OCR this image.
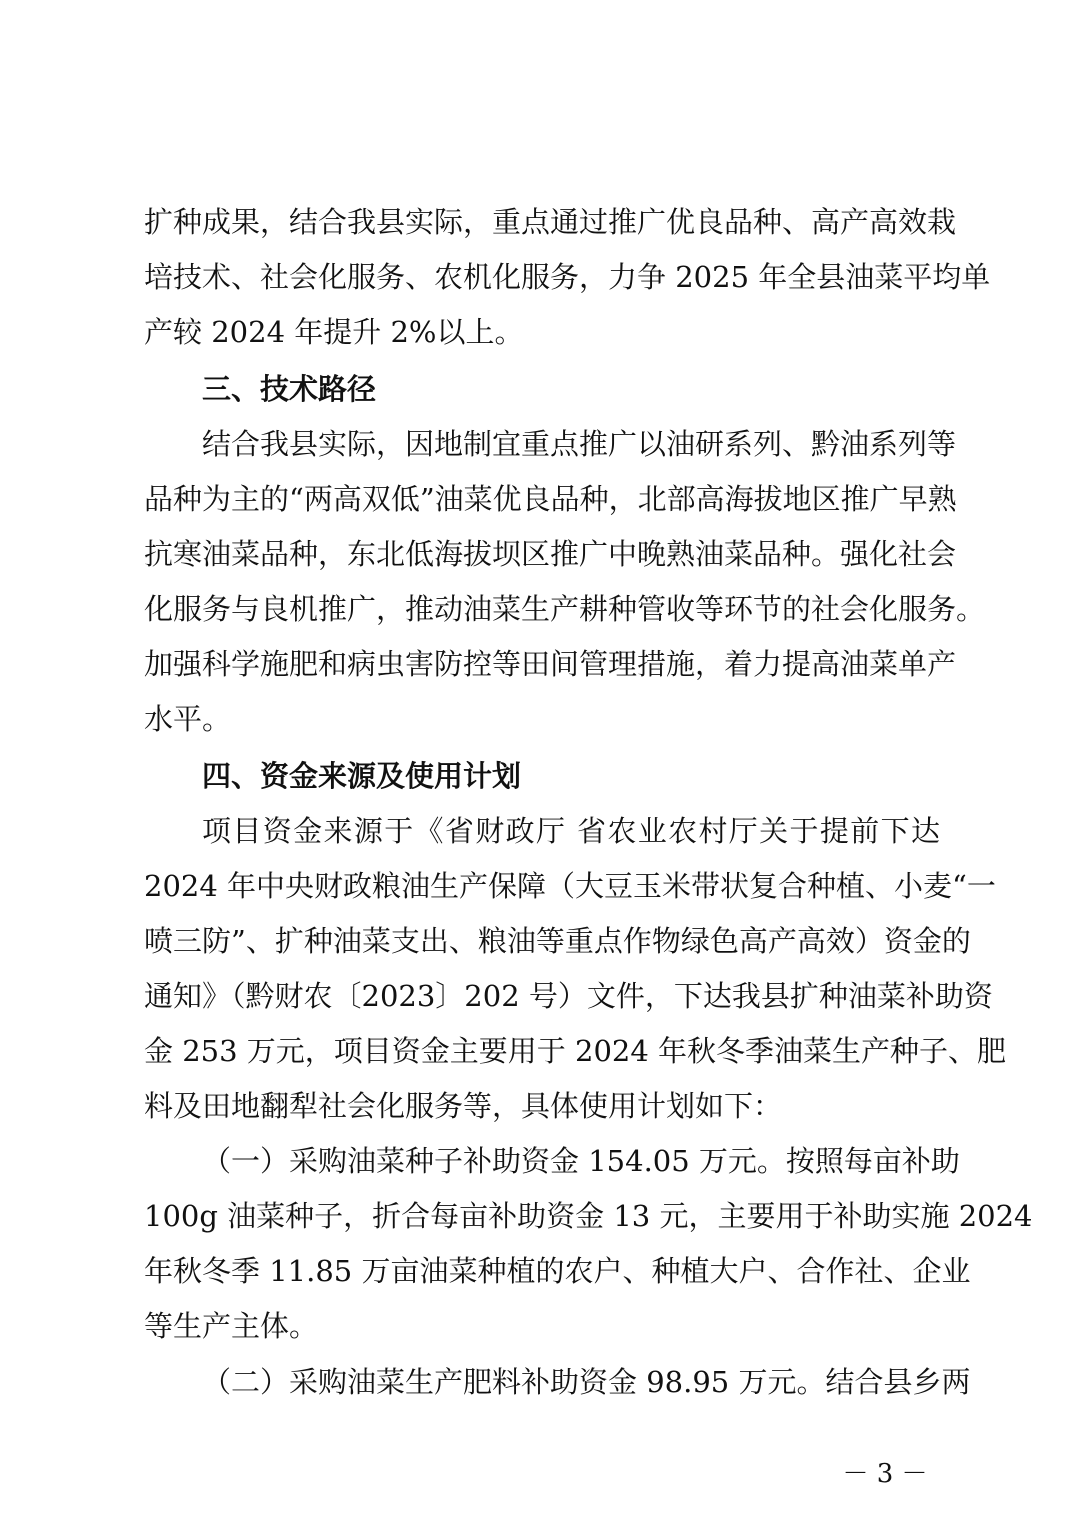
扩种成果，结合我县实际，重点通过推广优良品种、高产高效栽
培技术、社会化服务、农机化服务，力争 2025 年全县油菜平均单
产较 2024 年提升 2%以上。
三、技术路径
结合我县实际，因地制宜重点推广以油研系列、黔油系列等
品种为主的“两高双低”油菜优良品种，北部高海拔地区推广早熟
抗寒油菜品种，东北低海拔坝区推广中晚熟油菜品种。强化社会
化服务与良机推广，推动油菜生产耕种管收等环节的社会化服务。
加强科学施肥和病虫害防控等田间管理措施，着力提高油菜单产
水平。
四、资金来源及使用计划
项目资金来源于《省财政厅 省农业农村厅关于提前下达
2024 年中央财政粮油生产保障（大豆玉米带状复合种植、小麦“一
喷三防”、扩种油菜支出、粮油等重点作物绿色高产高效）资金的
通知》（黔财农〔2023〕202 号）文件，下达我县扩种油菜补助资
金 253 万元，项目资金主要用于 2024 年秋冬季油菜生产种子、肥
料及田地翻犁社会化服务等，具体使用计划如下：
（一）采购油菜种子补助资金 154.05 万元。按照每亩补助
100g 油菜种子，折合每亩补助资金 13 元，主要用于补助实施 2024
年秋冬季 11.85 万亩油菜种植的农户、种植大户、合作社、企业
等生产主体。
（二）采购油菜生产肥料补助资金 98.95 万元。结合县乡两
－ 3 －
